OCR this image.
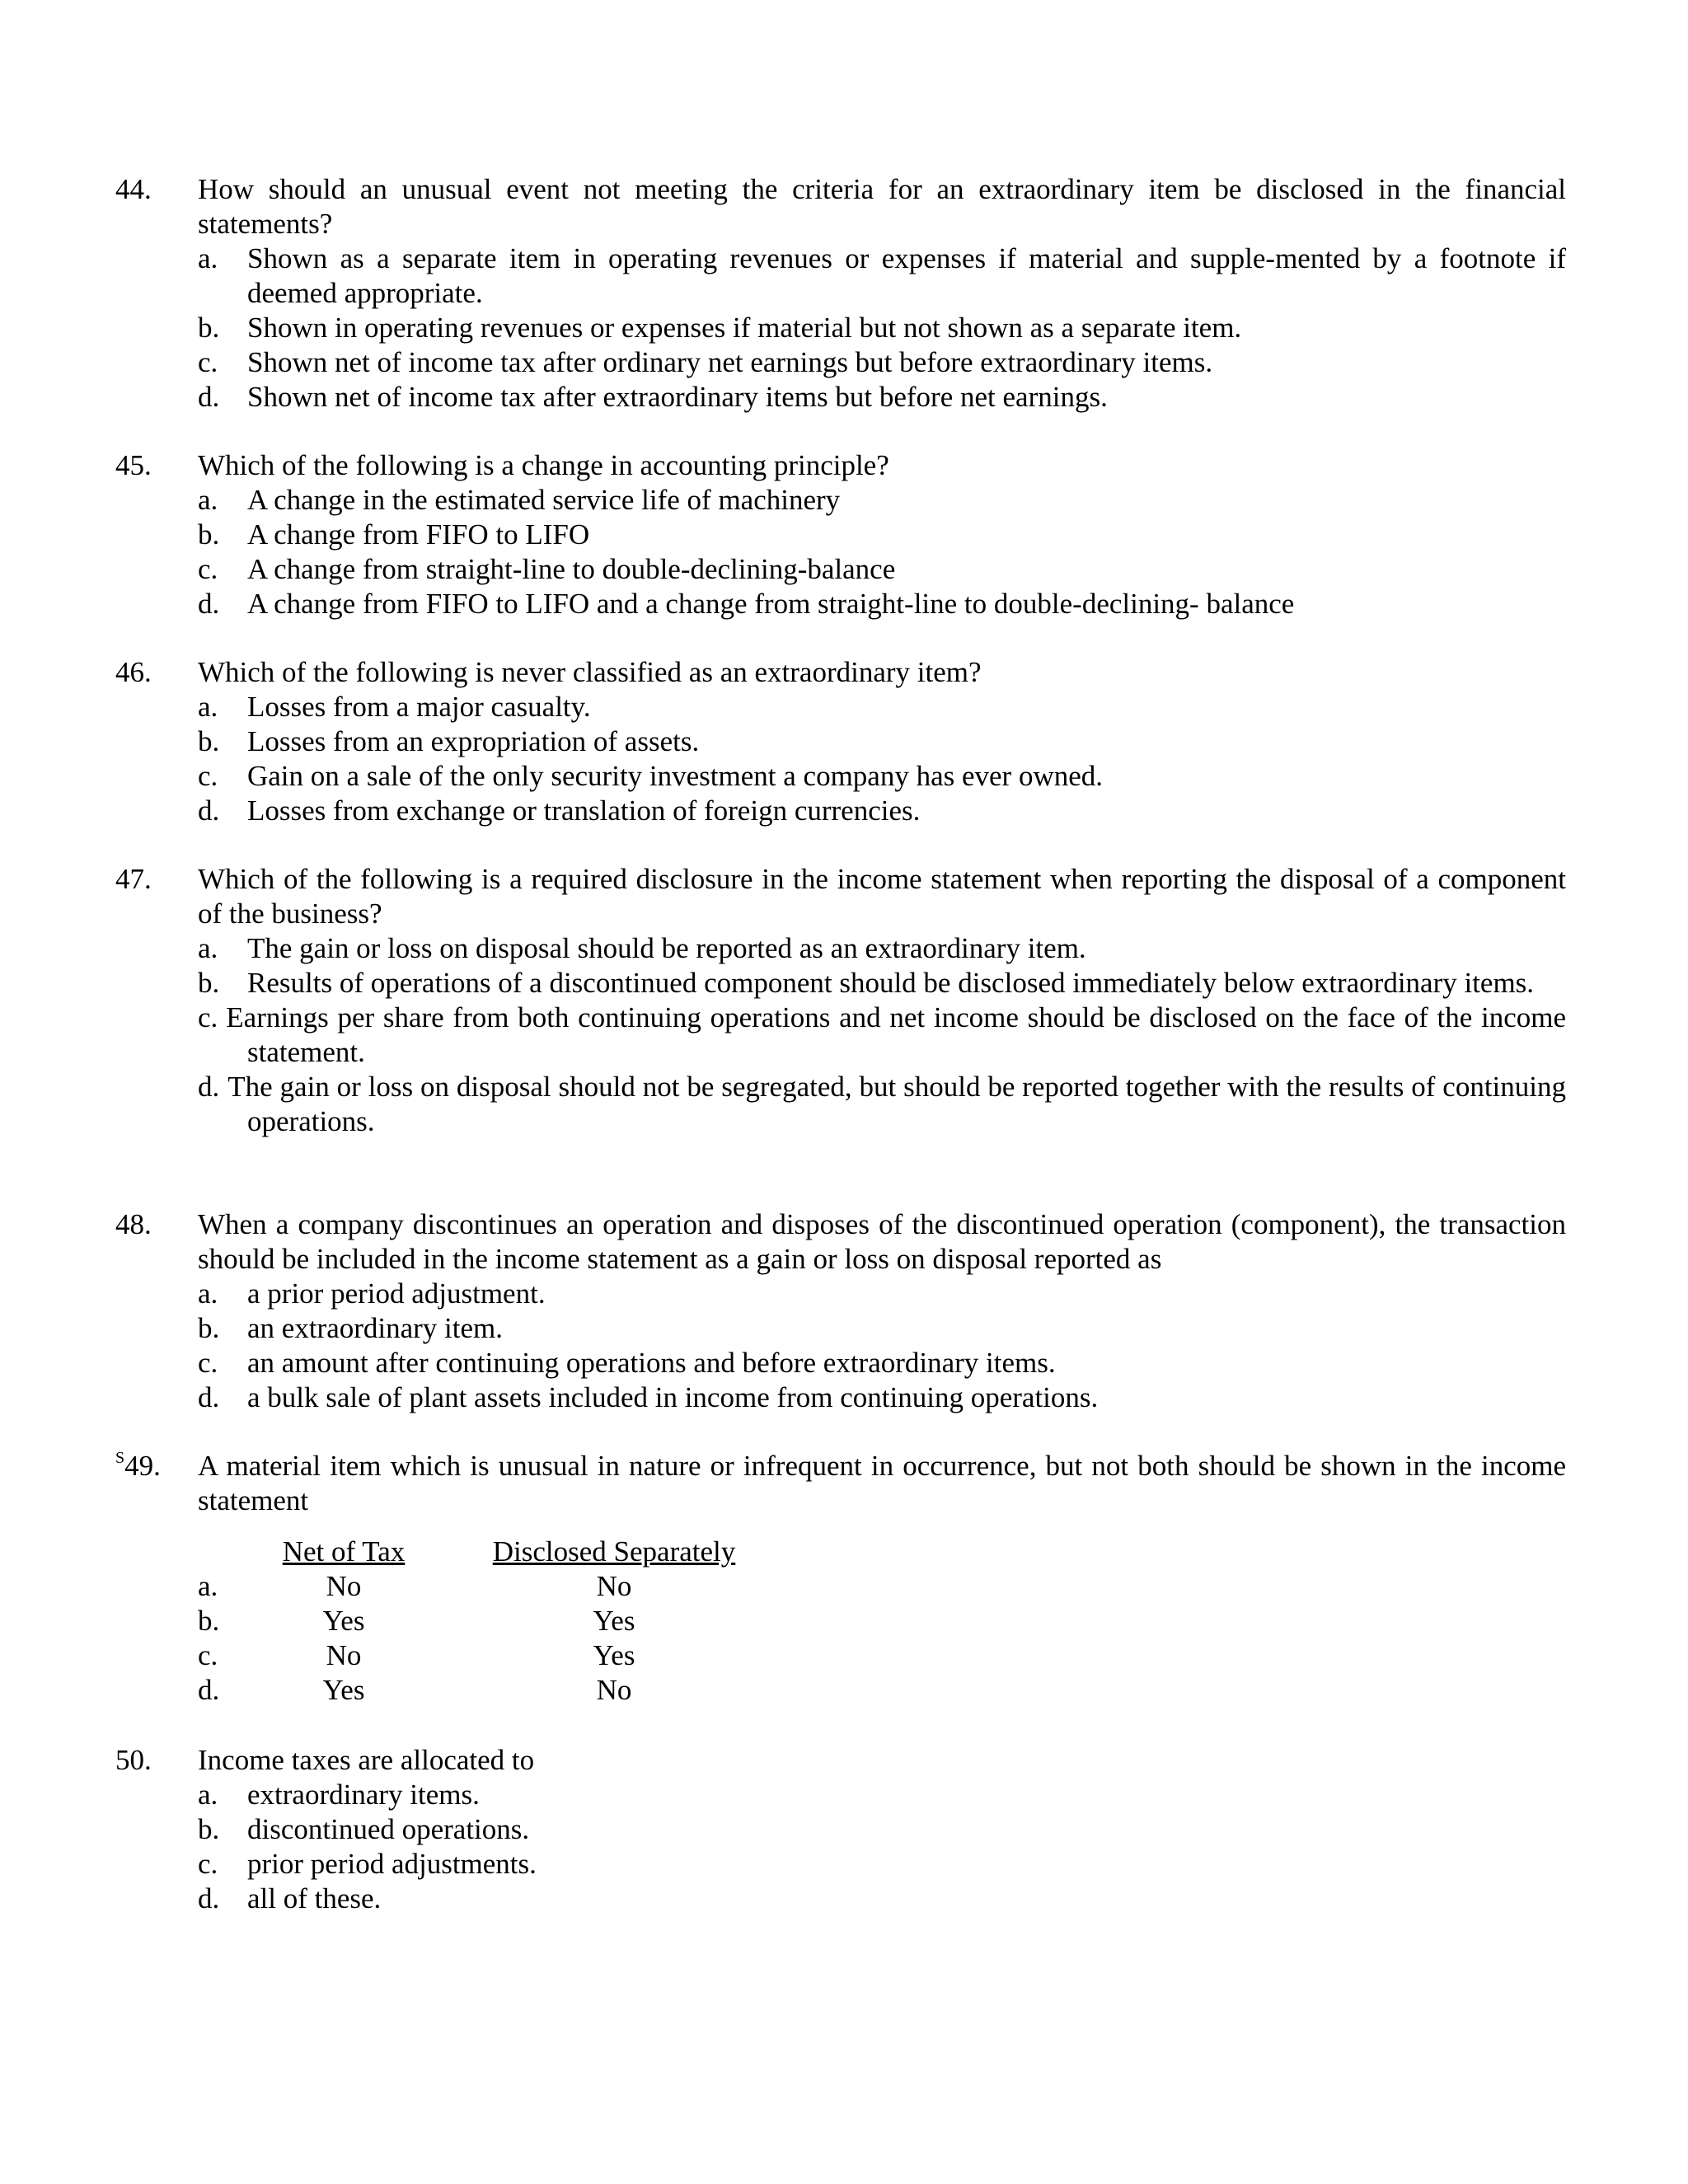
44.	How should an unusual event not meeting the criteria for an extraordinary item be disclosed in the financial statements?
a. Shown as a separate item in operating revenues or expenses if material and supple-mented by a footnote if deemed appropriate.
b. Shown in operating revenues or expenses if material but not shown as a separate item.
c. Shown net of income tax after ordinary net earnings but before extraordinary items.
d. Shown net of income tax after extraordinary items but before net earnings.
45.	Which of the following is a change in accounting principle?
a. A change in the estimated service life of machinery
b. A change from FIFO to LIFO
c. A change from straight-line to double-declining-balance
d. A change from FIFO to LIFO and a change from straight-line to double-declining- balance
46.	Which of the following is never classified as an extraordinary item?
a. Losses from a major casualty.
b. Losses from an expropriation of assets.
c. Gain on a sale of the only security investment a company has ever owned.
d. Losses from exchange or translation of foreign currencies.
47.	Which of the following is a required disclosure in the income statement when reporting the disposal of a component of the business?
a. The gain or loss on disposal should be reported as an extraordinary item.
b. Results of operations of a discontinued component should be disclosed immediately below extraordinary items.
c. Earnings per share from both continuing operations and net income should be disclosed on the face of the income statement.
d. The gain or loss on disposal should not be segregated, but should be reported together with the results of continuing operations.
48.	When a company discontinues an operation and disposes of the discontinued operation (component), the transaction should be included in the income statement as a gain or loss on disposal reported as
a. a prior period adjustment.
b. an extraordinary item.
c. an amount after continuing operations and before extraordinary items.
d. a bulk sale of plant assets included in income from continuing operations.
$^S$49.	A material item which is unusual in nature or infrequent in occurrence, but not both should be shown in the income statement
Net of Tax	Disclosed Separately
a.	No	No
b.	Yes	Yes
c.	No	Yes
d.	Yes	No
50.	Income taxes are allocated to
a. extraordinary items.
b. discontinued operations.
c. prior period adjustments.
d. all of these.
